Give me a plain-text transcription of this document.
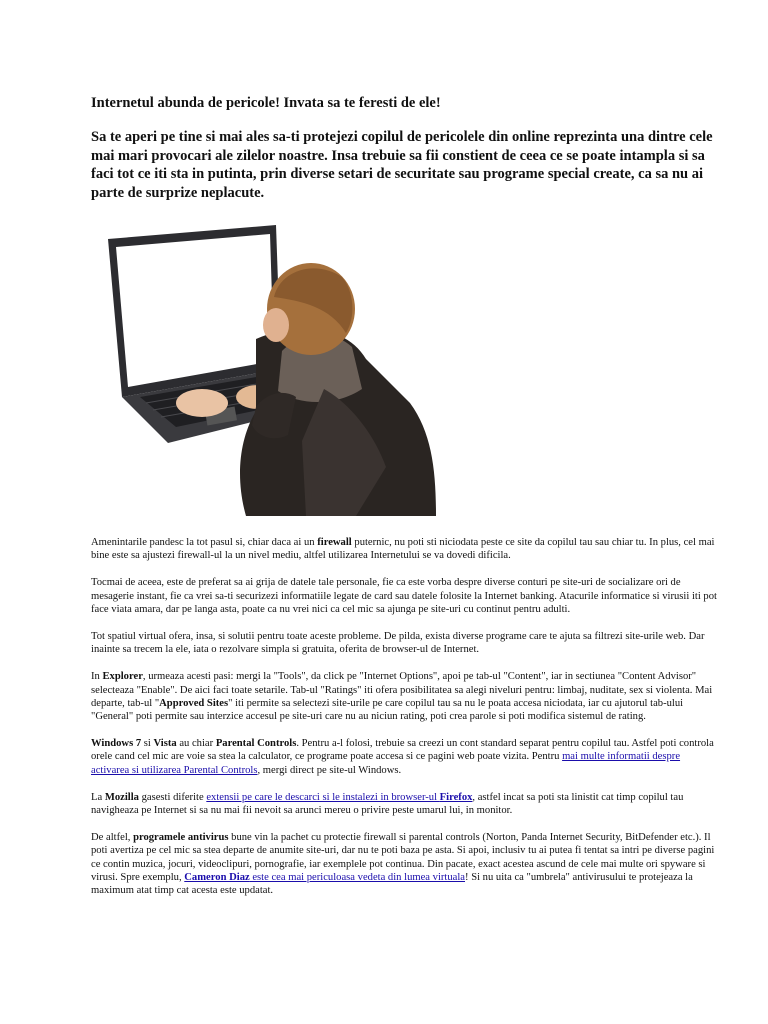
Internetul abunda de pericole! Invata sa te feresti de ele!
Sa te aperi pe tine si mai ales sa-ti protejezi copilul de pericolele din online reprezinta una dintre cele mai mari provocari ale zilelor noastre. Insa trebuie sa fii constient de ceea ce se poate intampla si sa faci tot ce iti sta in putinta, prin diverse setari de securitate sau programe special create, ca sa nu ai parte de surprize neplacute.

Amenintarile pandesc la tot pasul si, chiar daca ai un firewall puternic, nu poti sti niciodata peste ce site da copilul tau sau chiar tu. In plus, cel mai bine este sa ajustezi firewall-ul la un nivel mediu, altfel utilizarea Internetului se va dovedi dificila.

Tocmai de aceea, este de preferat sa ai grija de datele tale personale, fie ca este vorba despre diverse conturi pe site-uri de socializare ori de mesagerie instant, fie ca vrei sa-ti securizezi informatiile legate de card sau datele folosite la Internet banking. Atacurile informatice si virusii iti pot face viata amara, dar pe langa asta, poate ca nu vrei nici ca cel mic sa ajunga pe site-uri cu continut pentru adulti.

Tot spatiul virtual ofera, insa, si solutii pentru toate aceste probleme. De pilda, exista diverse programe care te ajuta sa filtrezi site-urile web. Dar inainte sa trecem la ele, iata o rezolvare simpla si gratuita, oferita de browser-ul de Internet.

In Explorer, urmeaza acesti pasi: mergi la "Tools", da click pe "Internet Options", apoi pe tab-ul "Content", iar in sectiunea "Content Advisor" selecteaza "Enable". De aici faci toate setarile. Tab-ul "Ratings" iti ofera posibilitatea sa alegi niveluri pentru: limbaj, nuditate, sex si violenta. Mai departe, tab-ul "Approved Sites" iti permite sa selectezi site-urile pe care copilul tau sa nu le poata accesa niciodata, iar cu ajutorul tab-ului "General" poti permite sau interzice accesul pe site-uri care nu au niciun rating, poti crea parole si poti modifica sistemul de rating.

Windows 7 si Vista au chiar Parental Controls. Pentru a-l folosi, trebuie sa creezi un cont standard separat pentru copilul tau. Astfel poti controla orele cand cel mic are voie sa stea la calculator, ce programe poate accesa si ce pagini web poate vizita. Pentru mai multe informatii despre activarea si utilizarea Parental Controls, mergi direct pe site-ul Windows.

La Mozilla gasesti diferite extensii pe care le descarci si le instalezi in browser-ul Firefox, astfel incat sa poti sta linistit cat timp copilul tau navigheaza pe Internet si sa nu mai fii nevoit sa arunci mereu o privire peste umarul lui, in monitor.

De altfel, programele antivirus bune vin la pachet cu protectie firewall si parental controls (Norton, Panda Internet Security, BitDefender etc.). Il poti avertiza pe cel mic sa stea departe de anumite site-uri, dar nu te poti baza pe asta. Si apoi, inclusiv tu ai putea fi tentat sa intri pe diverse pagini ce contin muzica, jocuri, videoclipuri, pornografie, iar exemplele pot continua. Din pacate, exact acestea ascund de cele mai multe ori spyware si virusi. Spre exemplu, Cameron Diaz este cea mai periculoasa vedeta din lumea virtuala! Si nu uita ca "umbrela" antivirusului te protejeaza la maximum atat timp cat acesta este updatat.
